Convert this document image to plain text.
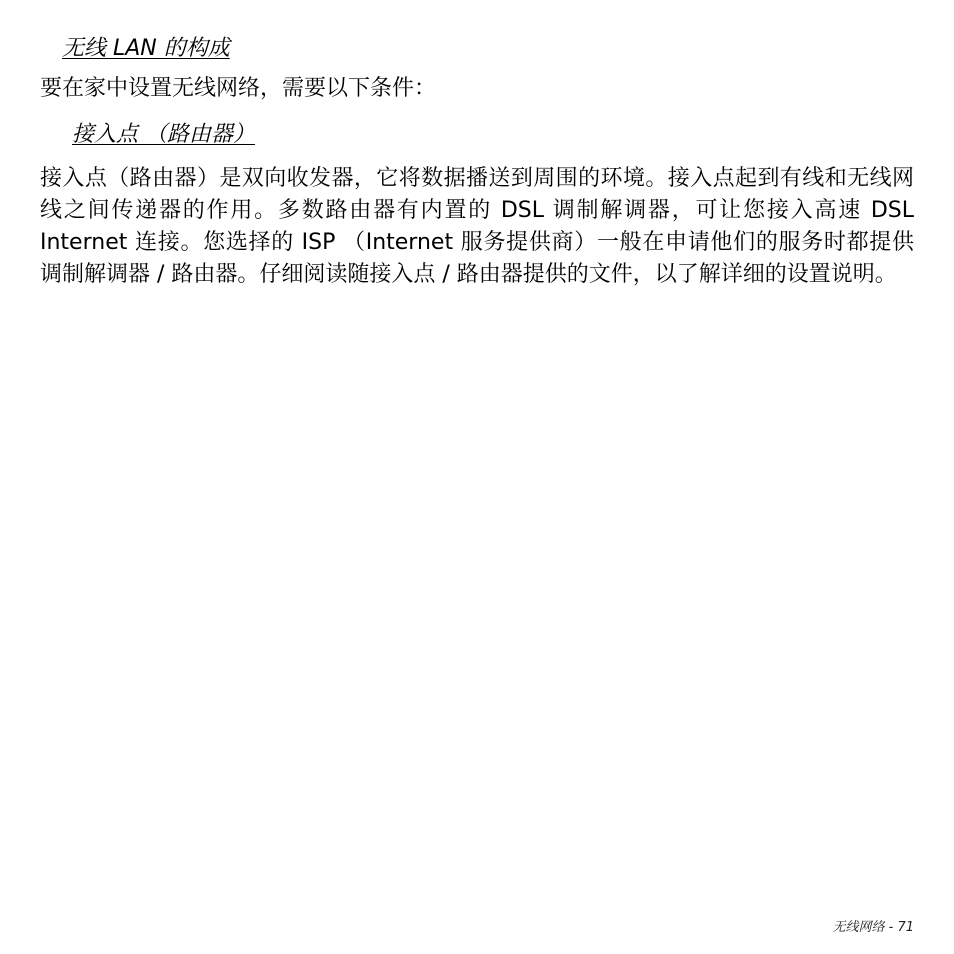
无线 LAN 的构成

要在家中设置无线网络，需要以下条件：

接入点 （路由器）

接入点（路由器）是双向收发器，它将数据播送到周围的环境。接入点起到有线和无线网线之间传递器的作用。多数路由器有内置的 DSL 调制解调器，可让您接入高速 DSL Internet 连接。您选择的 ISP （Internet 服务提供商）一般在申请他们的服务时都提供调制解调器 / 路由器。仔细阅读随接入点 / 路由器提供的文件，以了解详细的设置说明。

无线网络 - 71
